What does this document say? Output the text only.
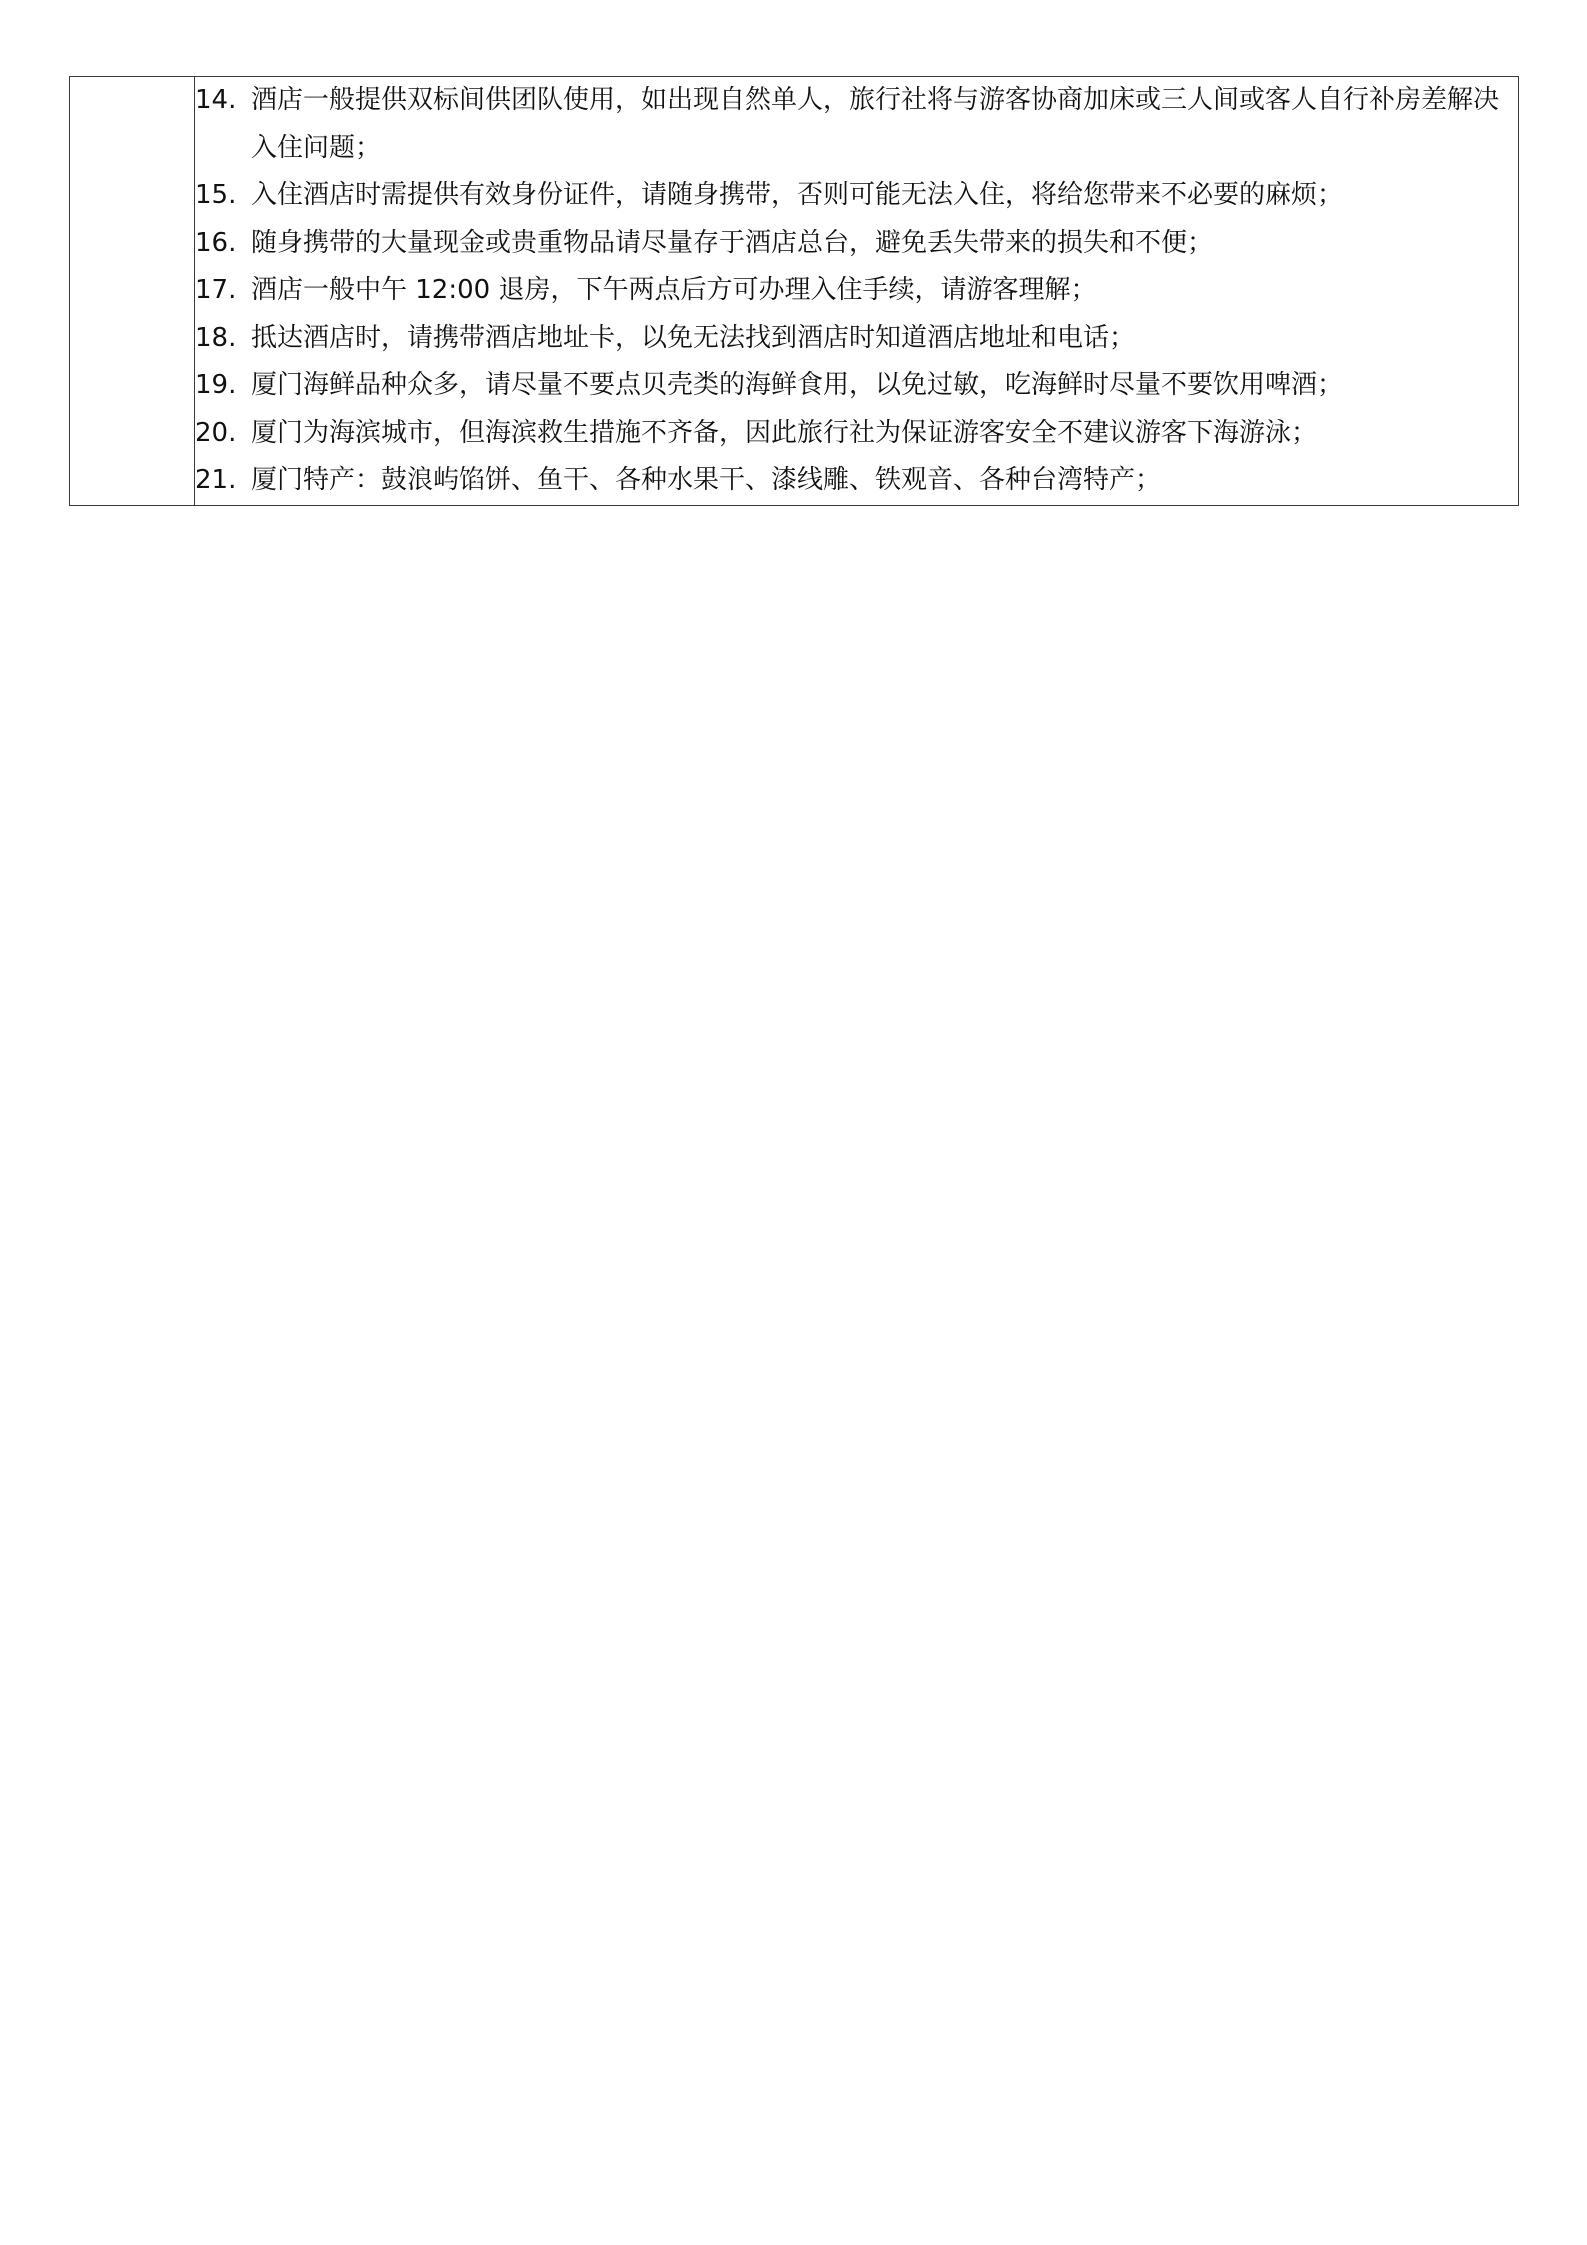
14. 酒店一般提供双标间供团队使用，如出现自然单人，旅行社将与游客协商加床或三人间或客人自行补房差解决入住问题；
15. 入住酒店时需提供有效身份证件，请随身携带，否则可能无法入住，将给您带来不必要的麻烦；
16. 随身携带的大量现金或贵重物品请尽量存于酒店总台，避免丢失带来的损失和不便；
17. 酒店一般中午 12:00 退房，下午两点后方可办理入住手续，请游客理解；
18. 抵达酒店时，请携带酒店地址卡，以免无法找到酒店时知道酒店地址和电话；
19. 厦门海鲜品种众多，请尽量不要点贝壳类的海鲜食用，以免过敏，吃海鲜时尽量不要饮用啤酒；
20. 厦门为海滨城市，但海滨救生措施不齐备，因此旅行社为保证游客安全不建议游客下海游泳；
21. 厦门特产：鼓浪屿馅饼、鱼干、各种水果干、漆线雕、铁观音、各种台湾特产；
